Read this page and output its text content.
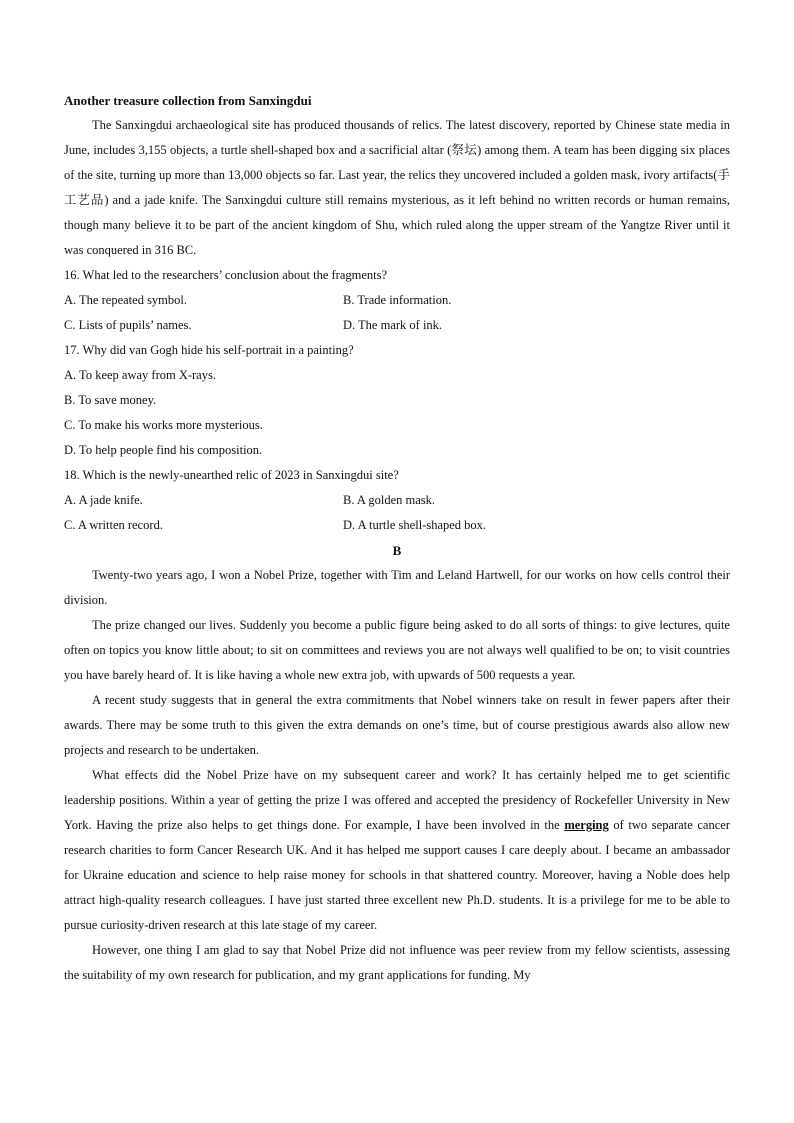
Another treasure collection from Sanxingdui

The Sanxingdui archaeological site has produced thousands of relics. The latest discovery, reported by Chinese state media in June, includes 3,155 objects, a turtle shell-shaped box and a sacrificial altar (祭坛) among them. A team has been digging six places of the site, turning up more than 13,000 objects so far. Last year, the relics they uncovered included a golden mask, ivory artifacts(手工艺品) and a jade knife. The Sanxingdui culture still remains mysterious, as it left behind no written records or human remains, though many believe it to be part of the ancient kingdom of Shu, which ruled along the upper stream of the Yangtze River until it was conquered in 316 BC.

16. What led to the researchers’ conclusion about the fragments?
A. The repeated symbol.	B. Trade information.
C. Lists of pupils’ names.	D. The mark of ink.
17. Why did van Gogh hide his self-portrait in a painting?
A. To keep away from X-rays.
B. To save money.
C. To make his works more mysterious.
D. To help people find his composition.
18. Which is the newly-unearthed relic of 2023 in Sanxingdui site?
A. A jade knife.	B. A golden mask.
C. A written record.	D. A turtle shell-shaped box.
B

Twenty-two years ago, I won a Nobel Prize, together with Tim and Leland Hartwell, for our works on how cells control their division.

The prize changed our lives. Suddenly you become a public figure being asked to do all sorts of things: to give lectures, quite often on topics you know little about; to sit on committees and reviews you are not always well qualified to be on; to visit countries you have barely heard of. It is like having a whole new extra job, with upwards of 500 requests a year.

A recent study suggests that in general the extra commitments that Nobel winners take on result in fewer papers after their awards. There may be some truth to this given the extra demands on one’s time, but of course prestigious awards also allow new projects and research to be undertaken.

What effects did the Nobel Prize have on my subsequent career and work? It has certainly helped me to get scientific leadership positions. Within a year of getting the prize I was offered and accepted the presidency of Rockefeller University in New York. Having the prize also helps to get things done. For example, I have been involved in the merging of two separate cancer research charities to form Cancer Research UK. And it has helped me support causes I care deeply about. I became an ambassador for Ukraine education and science to help raise money for schools in that shattered country. Moreover, having a Noble does help attract high-quality research colleagues. I have just started three excellent new Ph.D. students. It is a privilege for me to be able to pursue curiosity-driven research at this late stage of my career.

However, one thing I am glad to say that Nobel Prize did not influence was peer review from my fellow scientists, assessing the suitability of my own research for publication, and my grant applications for funding. My
